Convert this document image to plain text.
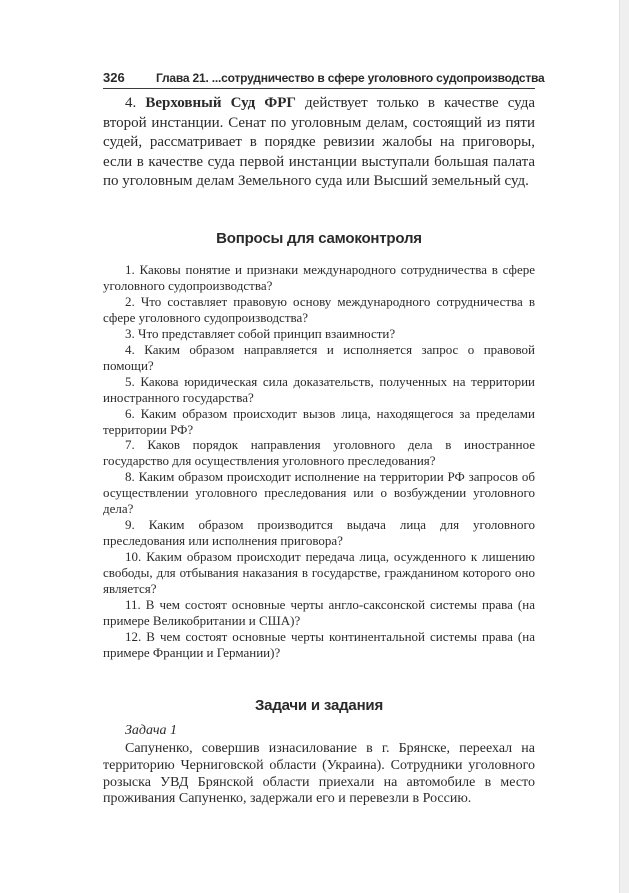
326	Глава 21. ...сотрудничество в сфере уголовного судопроизводства
4. Верховный Суд ФРГ действует только в качестве суда второй инстанции. Сенат по уголовным делам, состоящий из пяти судей, рассматривает в порядке ревизии жалобы на приговоры, если в качестве суда первой инстанции выступали большая палата по уголовным делам Земельного суда или Высший земельный суд.
Вопросы для самоконтроля

1. Каковы понятие и признаки международного сотрудничества в сфере уголовного судопроизводства?

2. Что составляет правовую основу международного сотрудничества в сфере уголовного судопроизводства?

3. Что представляет собой принцип взаимности?

4. Каким образом направляется и исполняется запрос о правовой помощи?

5. Какова юридическая сила доказательств, полученных на территории иностранного государства?

6. Каким образом происходит вызов лица, находящегося за пределами территории РФ?

7. Каков порядок направления уголовного дела в иностранное государство для осуществления уголовного преследования?

8. Каким образом происходит исполнение на территории РФ запросов об осуществлении уголовного преследования или о возбуждении уголовного дела?

9. Каким образом производится выдача лица для уголовного преследования или исполнения приговора?

10. Каким образом происходит передача лица, осужденного к лишению свободы, для отбывания наказания в государстве, гражданином которого оно является?

11. В чем состоят основные черты англо-саксонской системы права (на примере Великобритании и США)?

12. В чем состоят основные черты континентальной системы права (на примере Франции и Германии)?

Задачи и задания
Задача 1

Сапуненко, совершив изнасилование в г. Брянске, переехал на территорию Черниговской области (Украина). Сотрудники уголовного розыска УВД Брянской области приехали на автомобиле в место проживания Сапуненко, задержали его и перевезли в Россию.
